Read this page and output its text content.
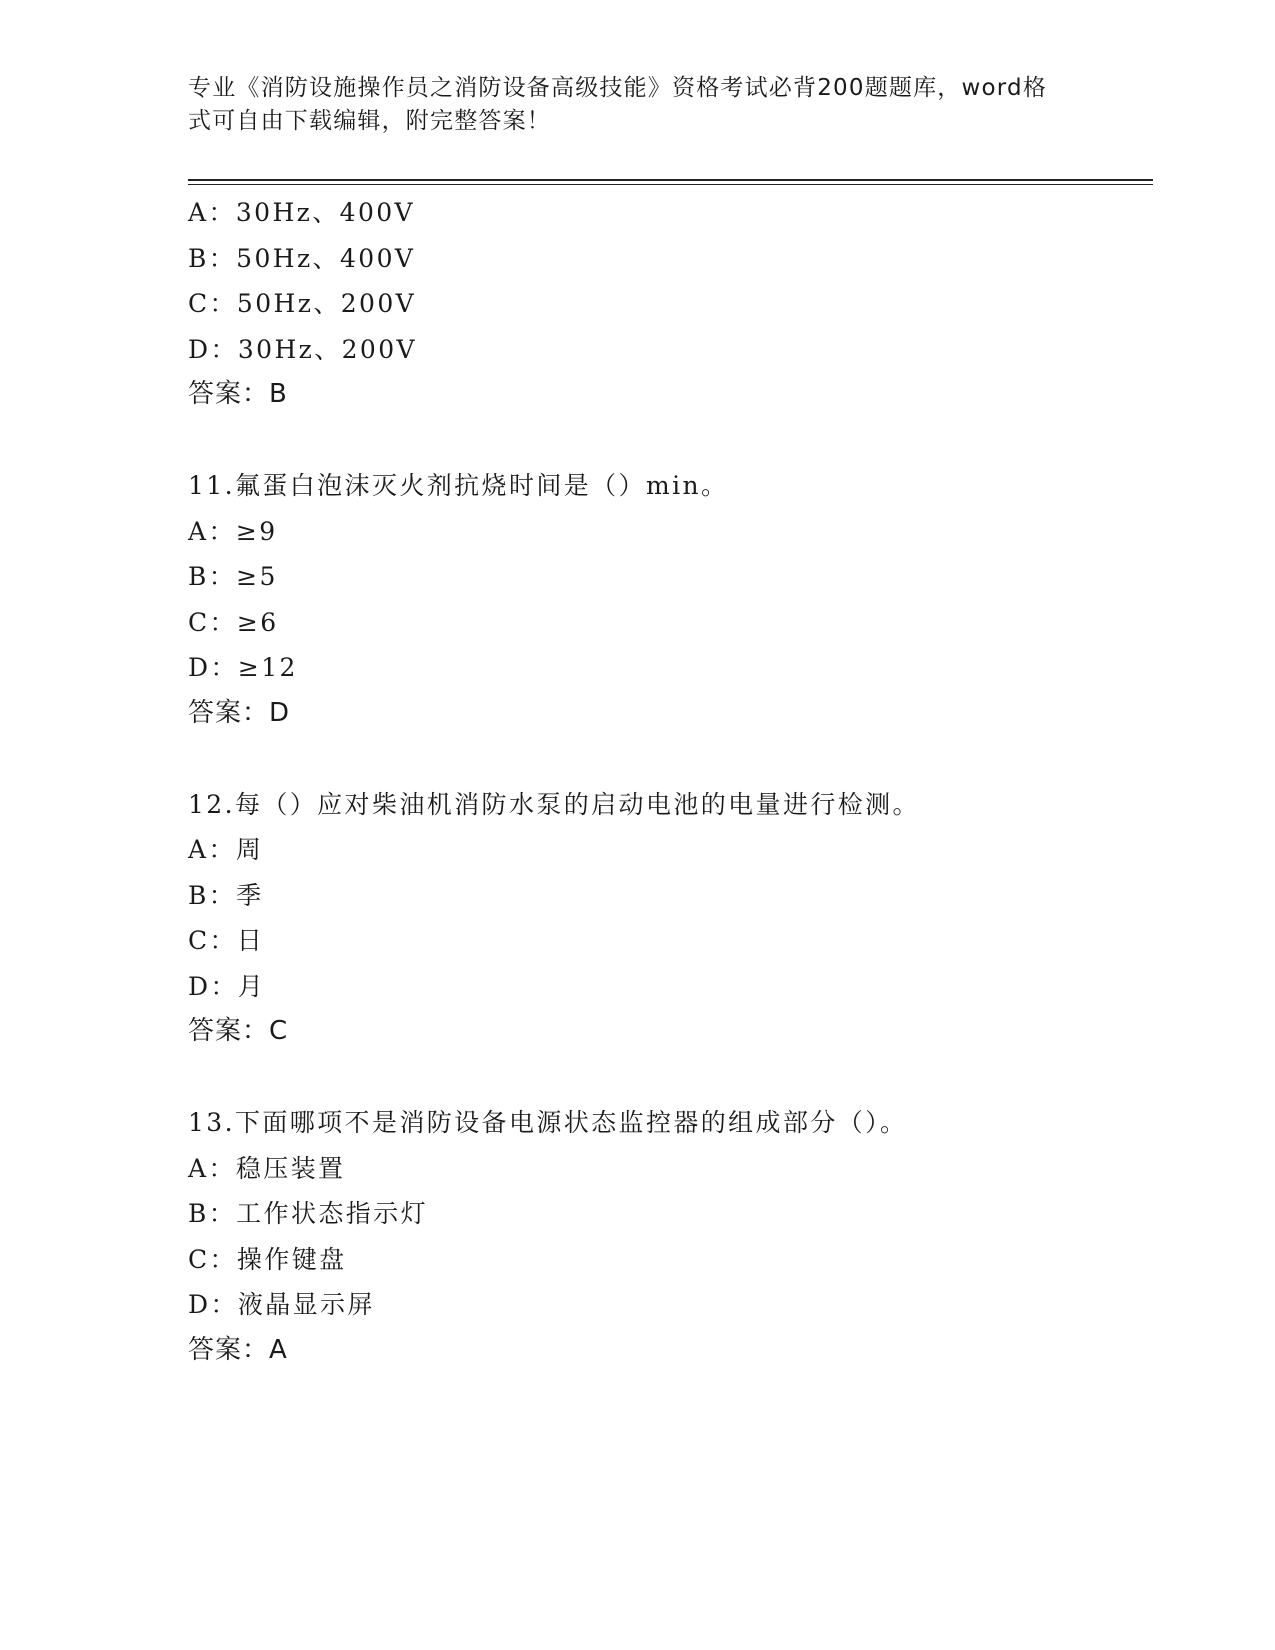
专业《消防设施操作员之消防设备高级技能》资格考试必背200题题库，word格
式可自由下载编辑，附完整答案！
A：30Hz、400V
B：50Hz、400V
C：50Hz、200V
D：30Hz、200V
答案：B
11.氟蛋白泡沫灭火剂抗烧时间是（）min。
A：≥9
B：≥5
C：≥6
D：≥12
答案：D
12.每（）应对柴油机消防水泵的启动电池的电量进行检测。
A：周
B：季
C：日
D：月
答案：C
13.下面哪项不是消防设备电源状态监控器的组成部分（）。
A：稳压装置
B：工作状态指示灯
C：操作键盘
D：液晶显示屏
答案：A
